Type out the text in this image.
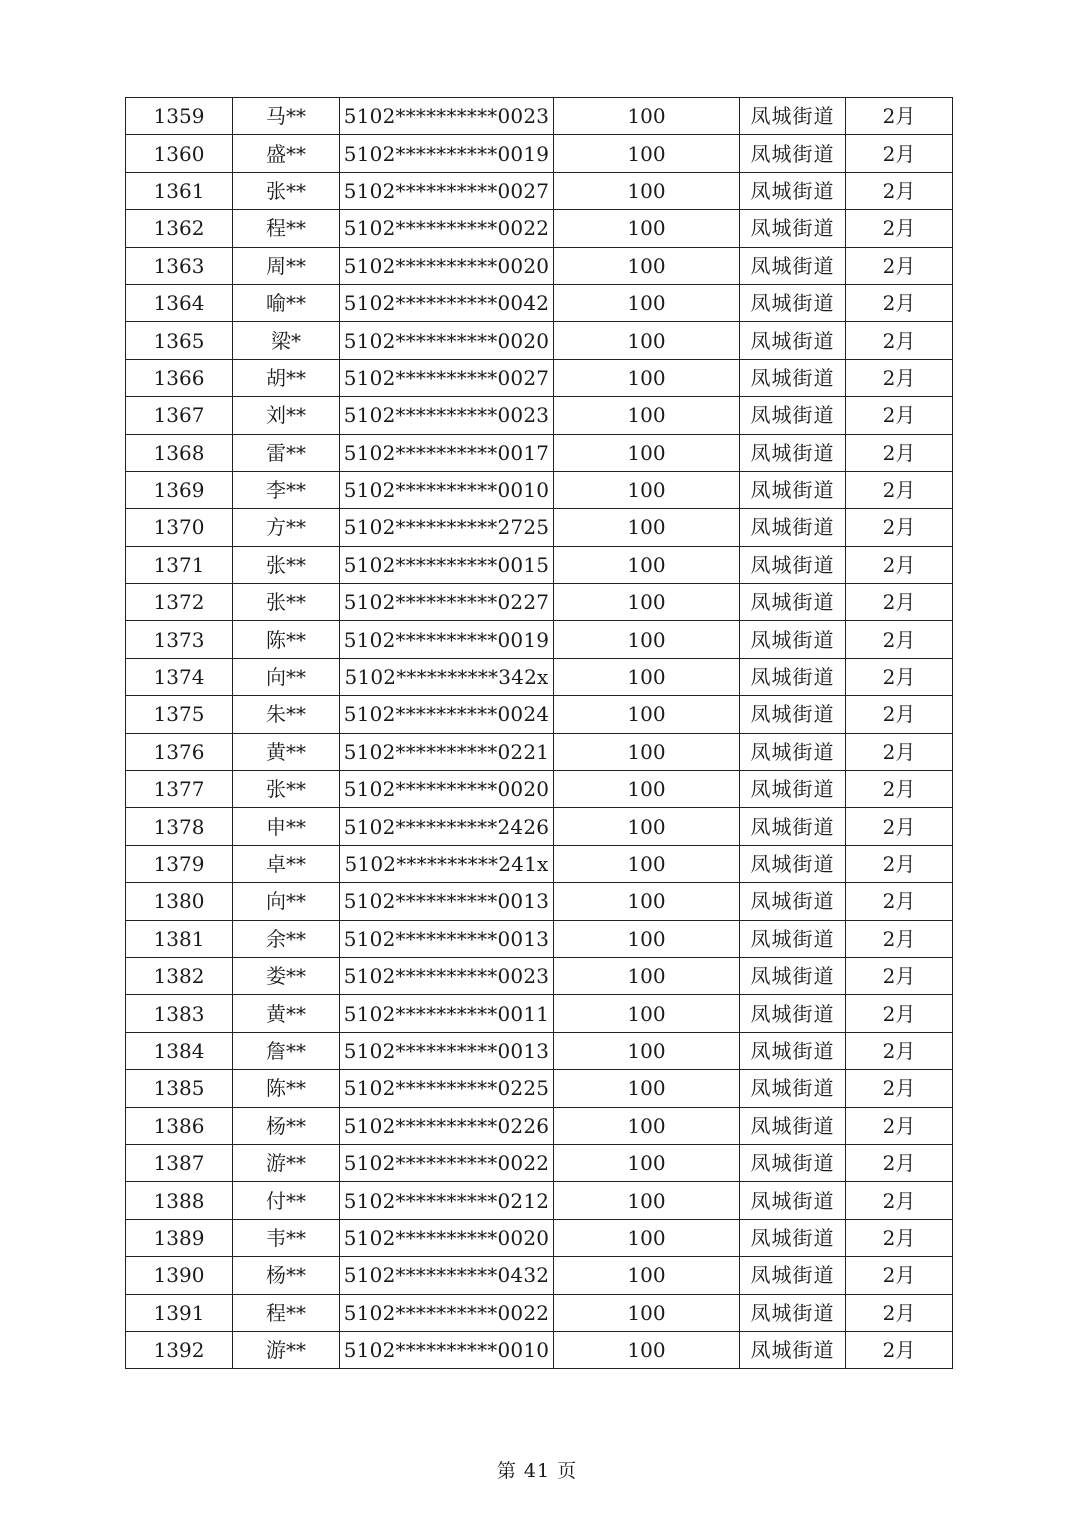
1359	马**	5102**********0023	100	凤城街道	2月
1360	盛**	5102**********0019	100	凤城街道	2月
1361	张**	5102**********0027	100	凤城街道	2月
1362	程**	5102**********0022	100	凤城街道	2月
1363	周**	5102**********0020	100	凤城街道	2月
1364	喻**	5102**********0042	100	凤城街道	2月
1365	梁*	5102**********0020	100	凤城街道	2月
1366	胡**	5102**********0027	100	凤城街道	2月
1367	刘**	5102**********0023	100	凤城街道	2月
1368	雷**	5102**********0017	100	凤城街道	2月
1369	李**	5102**********0010	100	凤城街道	2月
1370	方**	5102**********2725	100	凤城街道	2月
1371	张**	5102**********0015	100	凤城街道	2月
1372	张**	5102**********0227	100	凤城街道	2月
1373	陈**	5102**********0019	100	凤城街道	2月
1374	向**	5102**********342x	100	凤城街道	2月
1375	朱**	5102**********0024	100	凤城街道	2月
1376	黄**	5102**********0221	100	凤城街道	2月
1377	张**	5102**********0020	100	凤城街道	2月
1378	申**	5102**********2426	100	凤城街道	2月
1379	卓**	5102**********241x	100	凤城街道	2月
1380	向**	5102**********0013	100	凤城街道	2月
1381	余**	5102**********0013	100	凤城街道	2月
1382	娄**	5102**********0023	100	凤城街道	2月
1383	黄**	5102**********0011	100	凤城街道	2月
1384	詹**	5102**********0013	100	凤城街道	2月
1385	陈**	5102**********0225	100	凤城街道	2月
1386	杨**	5102**********0226	100	凤城街道	2月
1387	游**	5102**********0022	100	凤城街道	2月
1388	付**	5102**********0212	100	凤城街道	2月
1389	韦**	5102**********0020	100	凤城街道	2月
1390	杨**	5102**********0432	100	凤城街道	2月
1391	程**	5102**********0022	100	凤城街道	2月
1392	游**	5102**********0010	100	凤城街道	2月
第 41 页
